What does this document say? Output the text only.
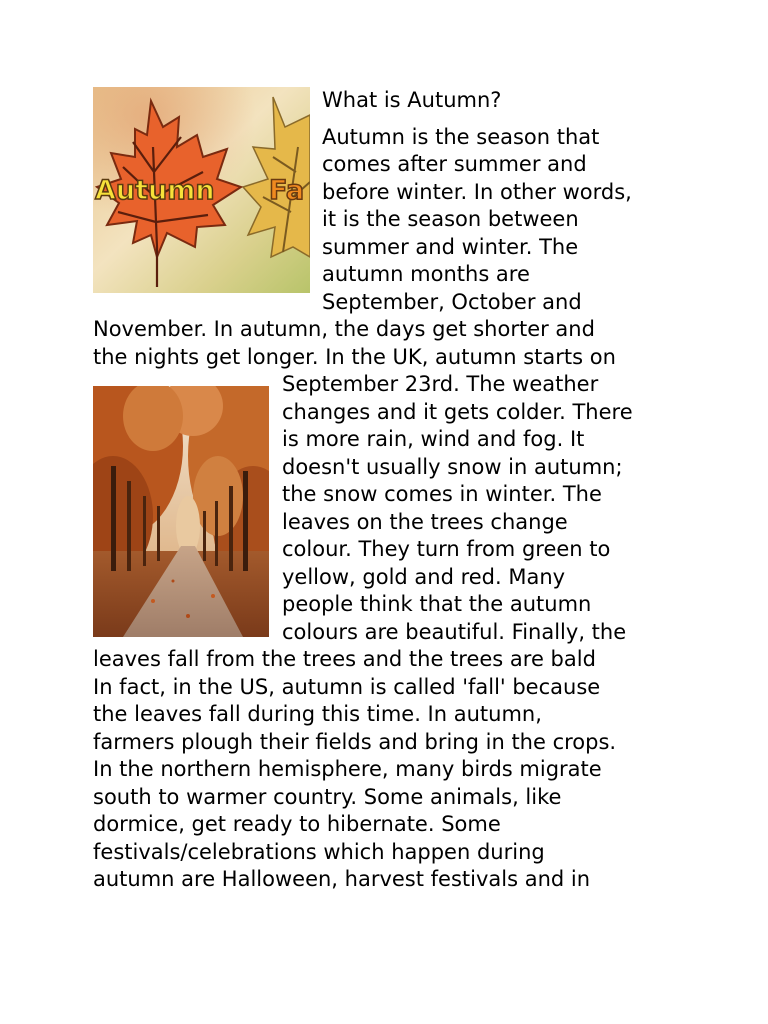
What is Autumn?
Autumn Fa
Autumn is the season that
comes after summer and
before winter. In other words,
it is the season between
summer and winter. The
autumn months are
September, October and
November. In autumn, the days get shorter and
the nights get longer. In the UK, autumn starts on
September 23rd. The weather
changes and it gets colder. There
is more rain, wind and fog. It
doesn't usually snow in autumn;
the snow comes in winter. The
leaves on the trees change
colour. They turn from green to
yellow, gold and red. Many
people think that the autumn
colours are beautiful. Finally, the
leaves fall from the trees and the trees are bald
In fact, in the US, autumn is called 'fall' because
the leaves fall during this time. In autumn,
farmers plough their fields and bring in the crops.
In the northern hemisphere, many birds migrate
south to warmer country. Some animals, like
dormice, get ready to hibernate. Some
festivals/celebrations which happen during
autumn are Halloween, harvest festivals and in
